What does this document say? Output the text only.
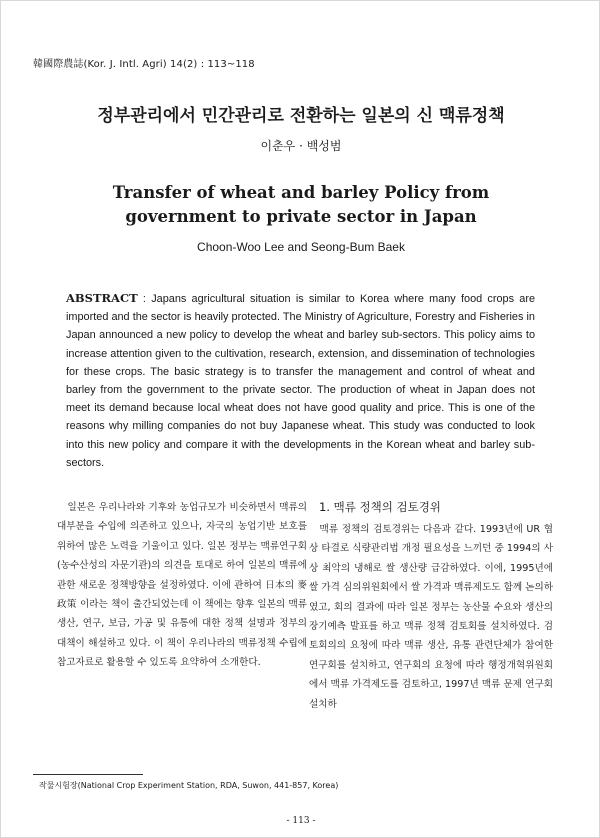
韓國際農誌(Kor. J. Intl. Agri) 14(2) : 113~118
정부관리에서 민간관리로 전환하는 일본의 신 맥류정책
이춘우 · 백성범
Transfer of wheat and barley Policy from government to private sector in Japan
Choon-Woo Lee and Seong-Bum Baek

ABSTRACT : Japans agricultural situation is similar to Korea where many food crops are imported and the sector is heavily protected. The Ministry of Agriculture, Forestry and Fisheries in Japan announced a new policy to develop the wheat and barley sub-sectors. This policy aims to increase attention given to the cultivation, research, extension, and dissemination of technologies for these crops. The basic strategy is to transfer the management and control of wheat and barley from the government to the private sector. The production of wheat in Japan does not meet its demand because local wheat does not have good quality and price. This is one of the reasons why milling companies do not buy Japanese wheat. This study was conducted to look into this new policy and compare it with the developments in the Korean wheat and barley sub-sectors.

일본은 우리나라와 기후와 농업규모가 비슷하면서 맥류의 대부분을 수입에 의존하고 있으나, 자국의 농업기반 보호를 위하여 많은 노력을 기울이고 있다. 일본 정부는 맥류연구회(농수산성의 자문기관)의 의견을 토대로 하여 일본의 맥류에 관한 새로운 정책방향을 설정하였다. 이에 관하여 日本의 麥政策 이라는 책이 출간되었는데 이 책에는 향후 일본의 맥류 생산, 연구, 보급, 가공 및 유통에 대한 정책 설명과 정부의 대책이 해설하고 있다. 이 책이 우리나라의 맥류정책 수립에 참고자료로 활용할 수 있도록 요약하여 소개한다.

1. 맥류 정책의 검토경위

맥류 정책의 검토경위는 다음과 같다. 1993년에 UR 협상 타결로 식량관리법 개정 필요성을 느끼던 중 1994의 사상 최악의 냉해로 쌀 생산량 급감하였다. 이에, 1995년에 쌀 가격 심의위원회에서 쌀 가격과 맥류제도도 함께 논의하였고, 회의 결과에 따라 일본 정부는 농산물 수요와 생산의 장기예측 발표를 하고 맥류 정책 검토회를 설치하였다. 검토회의의 요청에 따라 맥류 생산, 유통 관련단체가 참여한 연구회를 설치하고, 연구회의 요청에 따라 행정개혁위원회에서 맥류 가격제도를 검토하고, 1997년 맥류 문제 연구회 설치하

작물시험장(National Crop Experiment Station, RDA, Suwon, 441-857, Korea)
- 113 -
